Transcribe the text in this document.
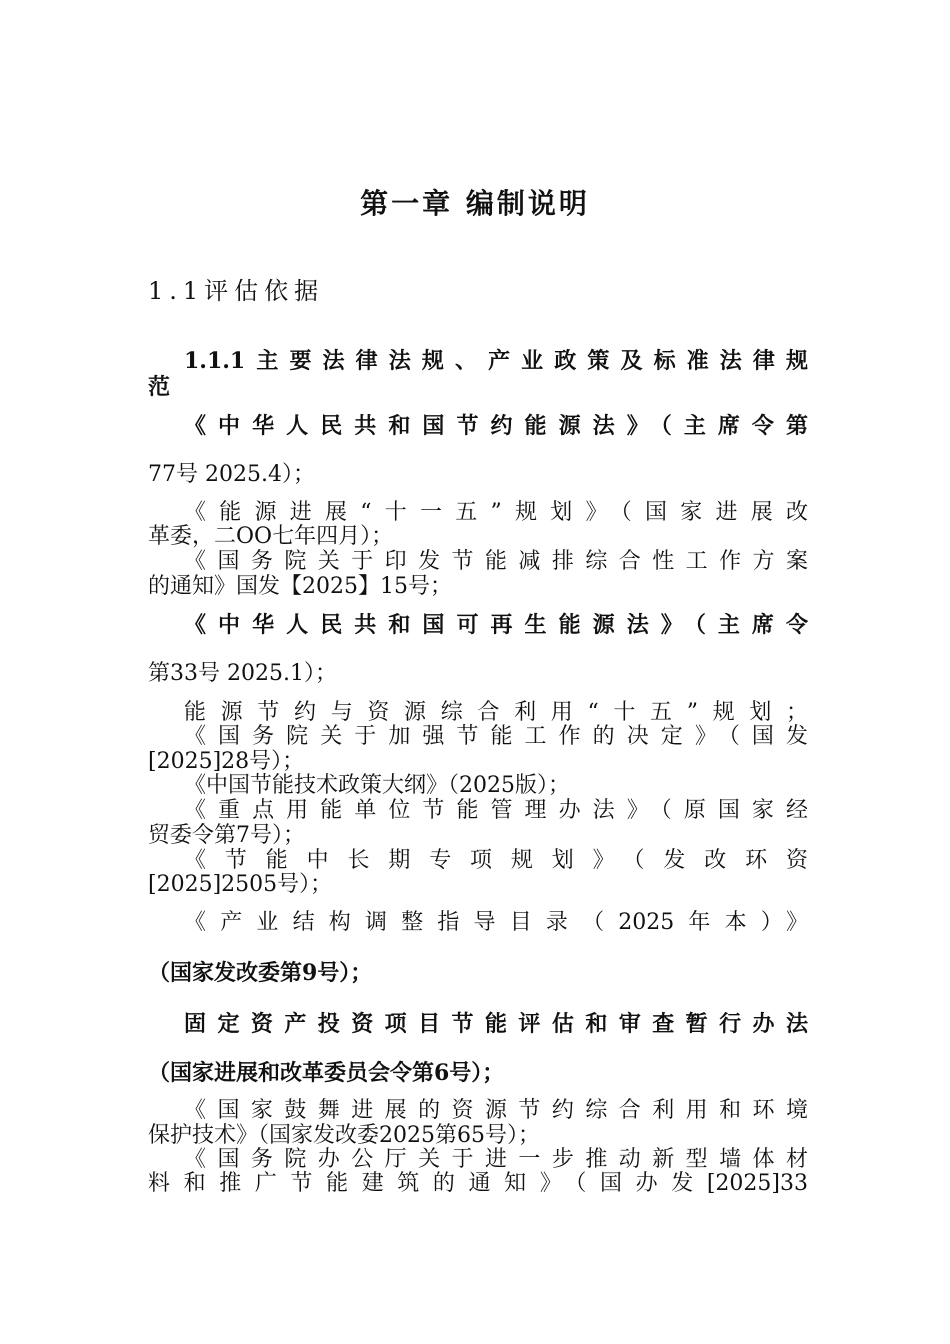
第一章 编制说明
1.1评估依据
1.1.1主要法律法规、产业政策及标准法律规
范
《中华人民共和国节约能源法》（主席令第
77号 2025.4）；
《能源进展“十一五”规划》（国家进展改
革委，二OO七年四月）；
《国务院关于印发节能减排综合性工作方案
的通知》国发【2025】15号；
《中华人民共和国可再生能源法》（主席令
第33号 2025.1）；
能源节约与资源综合利用“十五”规划；
《国务院关于加强节能工作的决定》（国发
[2025]28号）；
《中国节能技术政策大纲》（2025版）；
《重点用能单位节能管理办法》（原国家经
贸委令第7号）；
《节能中长期专项规划》（发改环资
[2025]2505号）；
《产业结构调整指导目录（2025年本）》
（国家发改委第9号）；
固定资产投资项目节能评估和审查暂行办法
（国家进展和改革委员会令第6号）；
《国家鼓舞进展的资源节约综合利用和环境
保护技术》（国家发改委2025第65号）；
《国务院办公厅关于进一步推动新型墙体材
料和推广节能建筑的通知》（国办发[2025]33
